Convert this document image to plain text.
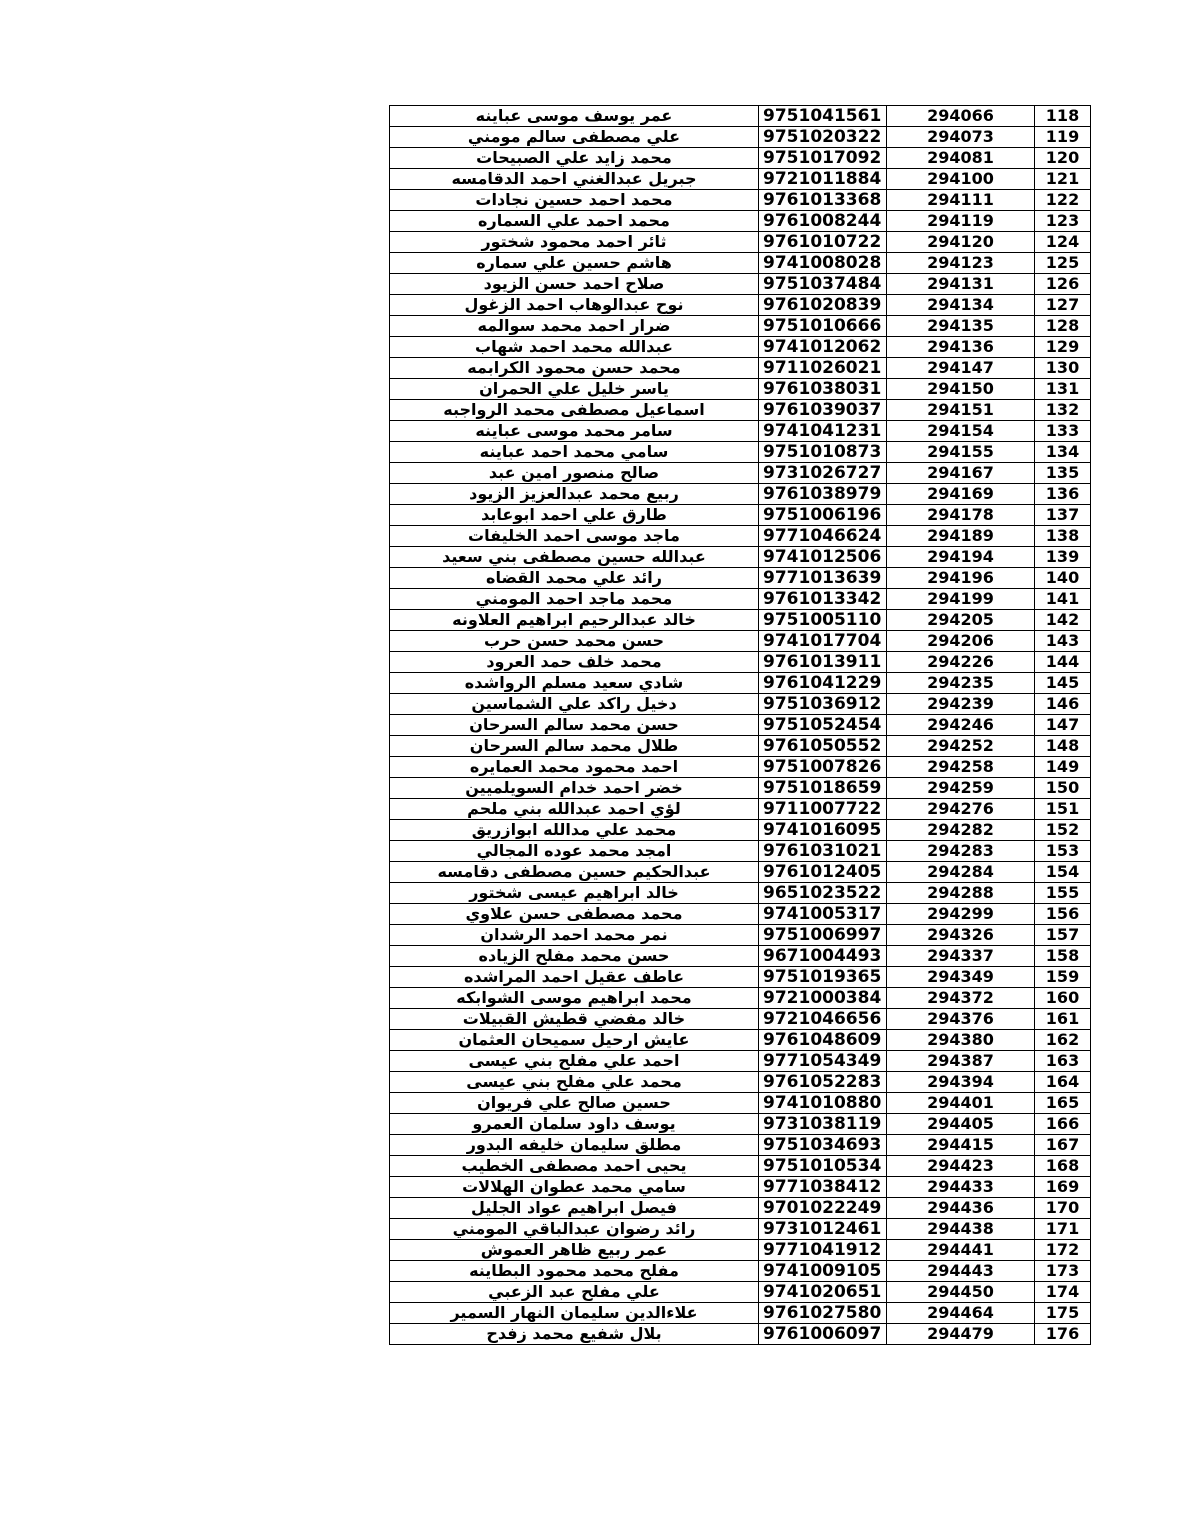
عمر يوسف موسى عباينه	9751041561	294066	118
علي مصطفى سالم مومني	9751020322	294073	119
محمد زايد علي الصبيحات	9751017092	294081	120
جبريل عبدالغني احمد الدقامسه	9721011884	294100	121
محمد احمد حسين نجادات	9761013368	294111	122
محمد احمد علي السماره	9761008244	294119	123
ثائر احمد محمود شختور	9761010722	294120	124
هاشم حسين علي سماره	9741008028	294123	125
صلاح احمد حسن الزيود	9751037484	294131	126
نوح عبدالوهاب احمد الزغول	9761020839	294134	127
ضرار احمد محمد سوالمه	9751010666	294135	128
عبدالله محمد احمد شهاب	9741012062	294136	129
محمد حسن محمود الكرابمه	9711026021	294147	130
ياسر خليل علي الحمران	9761038031	294150	131
اسماعيل مصطفى محمد الرواجبه	9761039037	294151	132
سامر محمد موسى عباينه	9741041231	294154	133
سامي محمد احمد عباينه	9751010873	294155	134
صالح منصور امين عبد	9731026727	294167	135
ربيع محمد عبدالعزيز الزيود	9761038979	294169	136
طارق علي احمد ابوعابد	9751006196	294178	137
ماجد موسى احمد الخليفات	9771046624	294189	138
عبدالله حسين مصطفى بني سعيد	9741012506	294194	139
رائد علي محمد القضاه	9771013639	294196	140
محمد ماجد احمد المومني	9761013342	294199	141
خالد عبدالرحيم ابراهيم العلاونه	9751005110	294205	142
حسن محمد حسن حرب	9741017704	294206	143
محمد خلف حمد العرود	9761013911	294226	144
شادي سعيد مسلم الرواشده	9761041229	294235	145
دخيل راكد علي الشماسين	9751036912	294239	146
حسن محمد سالم السرحان	9751052454	294246	147
طلال محمد سالم السرحان	9761050552	294252	148
احمد محمود محمد العمايره	9751007826	294258	149
خضر احمد خدام السويلميين	9751018659	294259	150
لؤي احمد عبدالله بني ملحم	9711007722	294276	151
محمد علي مدالله ابوازريق	9741016095	294282	152
امجد محمد عوده المجالي	9761031021	294283	153
عبدالحكيم حسين مصطفى دقامسه	9761012405	294284	154
خالد ابراهيم عيسى شختور	9651023522	294288	155
محمد مصطفى حسن علاوي	9741005317	294299	156
نمر محمد احمد الرشدان	9751006997	294326	157
حسن محمد مفلح الزياده	9671004493	294337	158
عاطف عقيل احمد المراشده	9751019365	294349	159
محمد ابراهيم موسى الشوابكه	9721000384	294372	160
خالد مفضي قطيش القبيلات	9721046656	294376	161
عايش ارحيل سميحان العثمان	9761048609	294380	162
احمد علي مفلح بني عيسى	9771054349	294387	163
محمد علي مفلح بني عيسى	9761052283	294394	164
حسين صالح علي فريوان	9741010880	294401	165
يوسف داود سلمان العمرو	9731038119	294405	166
مطلق سليمان خليفه البدور	9751034693	294415	167
يحيى احمد مصطفى الخطيب	9751010534	294423	168
سامي محمد عطوان الهلالات	9771038412	294433	169
فيصل ابراهيم عواد الجليل	9701022249	294436	170
رائد رضوان عبدالباقي المومني	9731012461	294438	171
عمر ربيع ظاهر العموش	9771041912	294441	172
مفلح محمد محمود البطاينه	9741009105	294443	173
علي مفلح عبد الزعبي	9741020651	294450	174
علاءالدين سليمان النهار السمير	9761027580	294464	175
بلال شفيع محمد زفدح	9761006097	294479	176
